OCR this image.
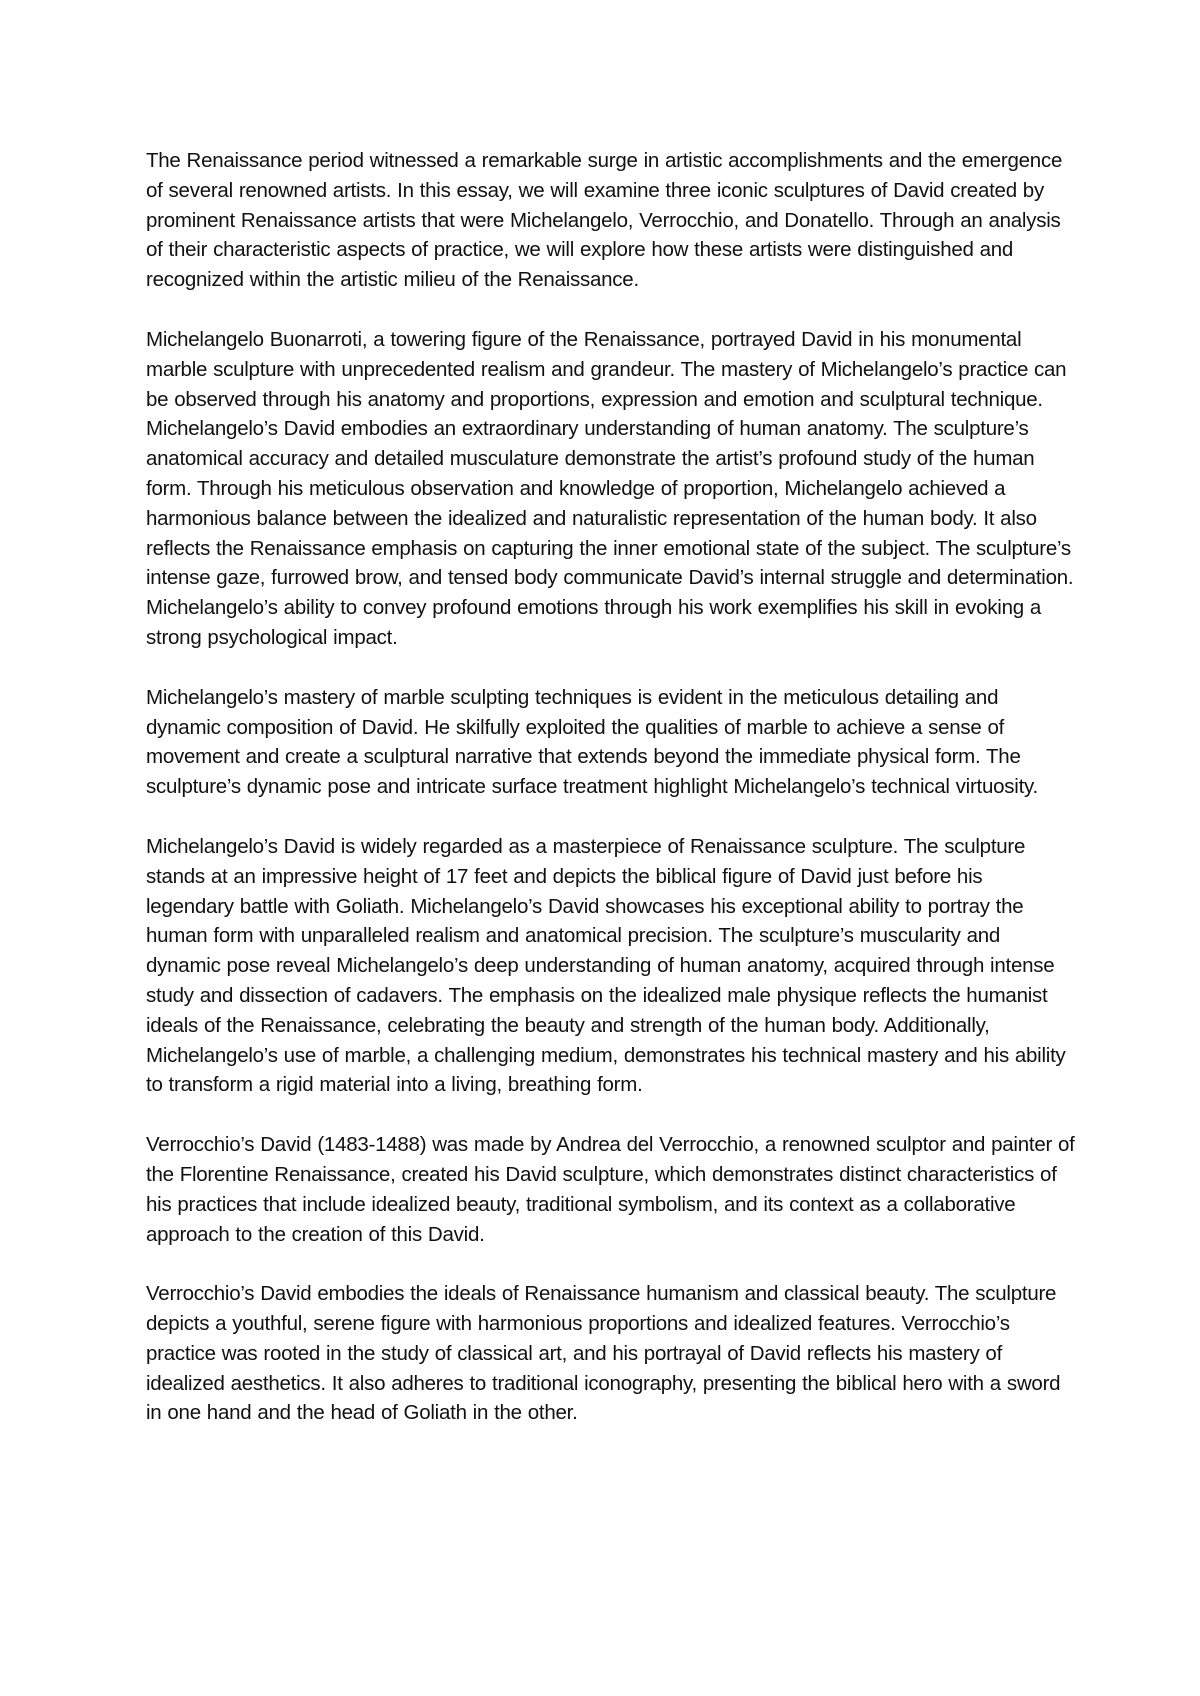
The Renaissance period witnessed a remarkable surge in artistic accomplishments and the emergence of several renowned artists. In this essay, we will examine three iconic sculptures of David created by prominent Renaissance artists that were Michelangelo, Verrocchio, and Donatello. Through an analysis of their characteristic aspects of practice, we will explore how these artists were distinguished and recognized within the artistic milieu of the Renaissance.

Michelangelo Buonarroti, a towering figure of the Renaissance, portrayed David in his monumental marble sculpture with unprecedented realism and grandeur. The mastery of Michelangelo’s practice can be observed through his anatomy and proportions, expression and emotion and sculptural technique. Michelangelo’s David embodies an extraordinary understanding of human anatomy. The sculpture’s anatomical accuracy and detailed musculature demonstrate the artist’s profound study of the human form. Through his meticulous observation and knowledge of proportion, Michelangelo achieved a harmonious balance between the idealized and naturalistic representation of the human body. It also reflects the Renaissance emphasis on capturing the inner emotional state of the subject. The sculpture’s intense gaze, furrowed brow, and tensed body communicate David’s internal struggle and determination. Michelangelo’s ability to convey profound emotions through his work exemplifies his skill in evoking a strong psychological impact.

Michelangelo’s mastery of marble sculpting techniques is evident in the meticulous detailing and dynamic composition of David. He skilfully exploited the qualities of marble to achieve a sense of movement and create a sculptural narrative that extends beyond the immediate physical form. The sculpture’s dynamic pose and intricate surface treatment highlight Michelangelo’s technical virtuosity.

Michelangelo’s David is widely regarded as a masterpiece of Renaissance sculpture. The sculpture stands at an impressive height of 17 feet and depicts the biblical figure of David just before his legendary battle with Goliath. Michelangelo’s David showcases his exceptional ability to portray the human form with unparalleled realism and anatomical precision. The sculpture’s muscularity and dynamic pose reveal Michelangelo’s deep understanding of human anatomy, acquired through intense study and dissection of cadavers. The emphasis on the idealized male physique reflects the humanist ideals of the Renaissance, celebrating the beauty and strength of the human body. Additionally, Michelangelo’s use of marble, a challenging medium, demonstrates his technical mastery and his ability to transform a rigid material into a living, breathing form.

Verrocchio’s David (1483-1488) was made by Andrea del Verrocchio, a renowned sculptor and painter of the Florentine Renaissance, created his David sculpture, which demonstrates distinct characteristics of his practices that include idealized beauty, traditional symbolism, and its context as a collaborative approach to the creation of this David.

Verrocchio’s David embodies the ideals of Renaissance humanism and classical beauty. The sculpture depicts a youthful, serene figure with harmonious proportions and idealized features. Verrocchio’s practice was rooted in the study of classical art, and his portrayal of David reflects his mastery of idealized aesthetics. It also adheres to traditional iconography, presenting the biblical hero with a sword in one hand and the head of Goliath in the other.
